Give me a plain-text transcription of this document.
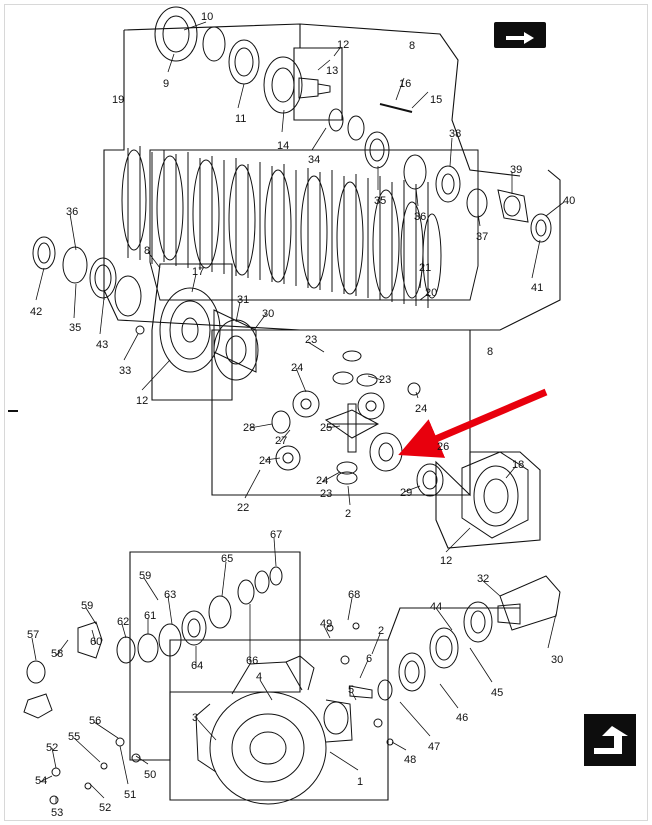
10
12	8
9
13
16
15
11
14
19
34
38
39
40
35
36
37
41
36
42
35
43
33
8
17
31
30
12
21
20
8
23
24
23
24
25
26
27
28
24
24
23	29
22	2
18
12
32
30
44
45
46
47
48
67
65
59
63
59
62 61
60
58
57
64	66
68
49
2
6
5
4
3
1
56
55
52
50
51
52
53
54
